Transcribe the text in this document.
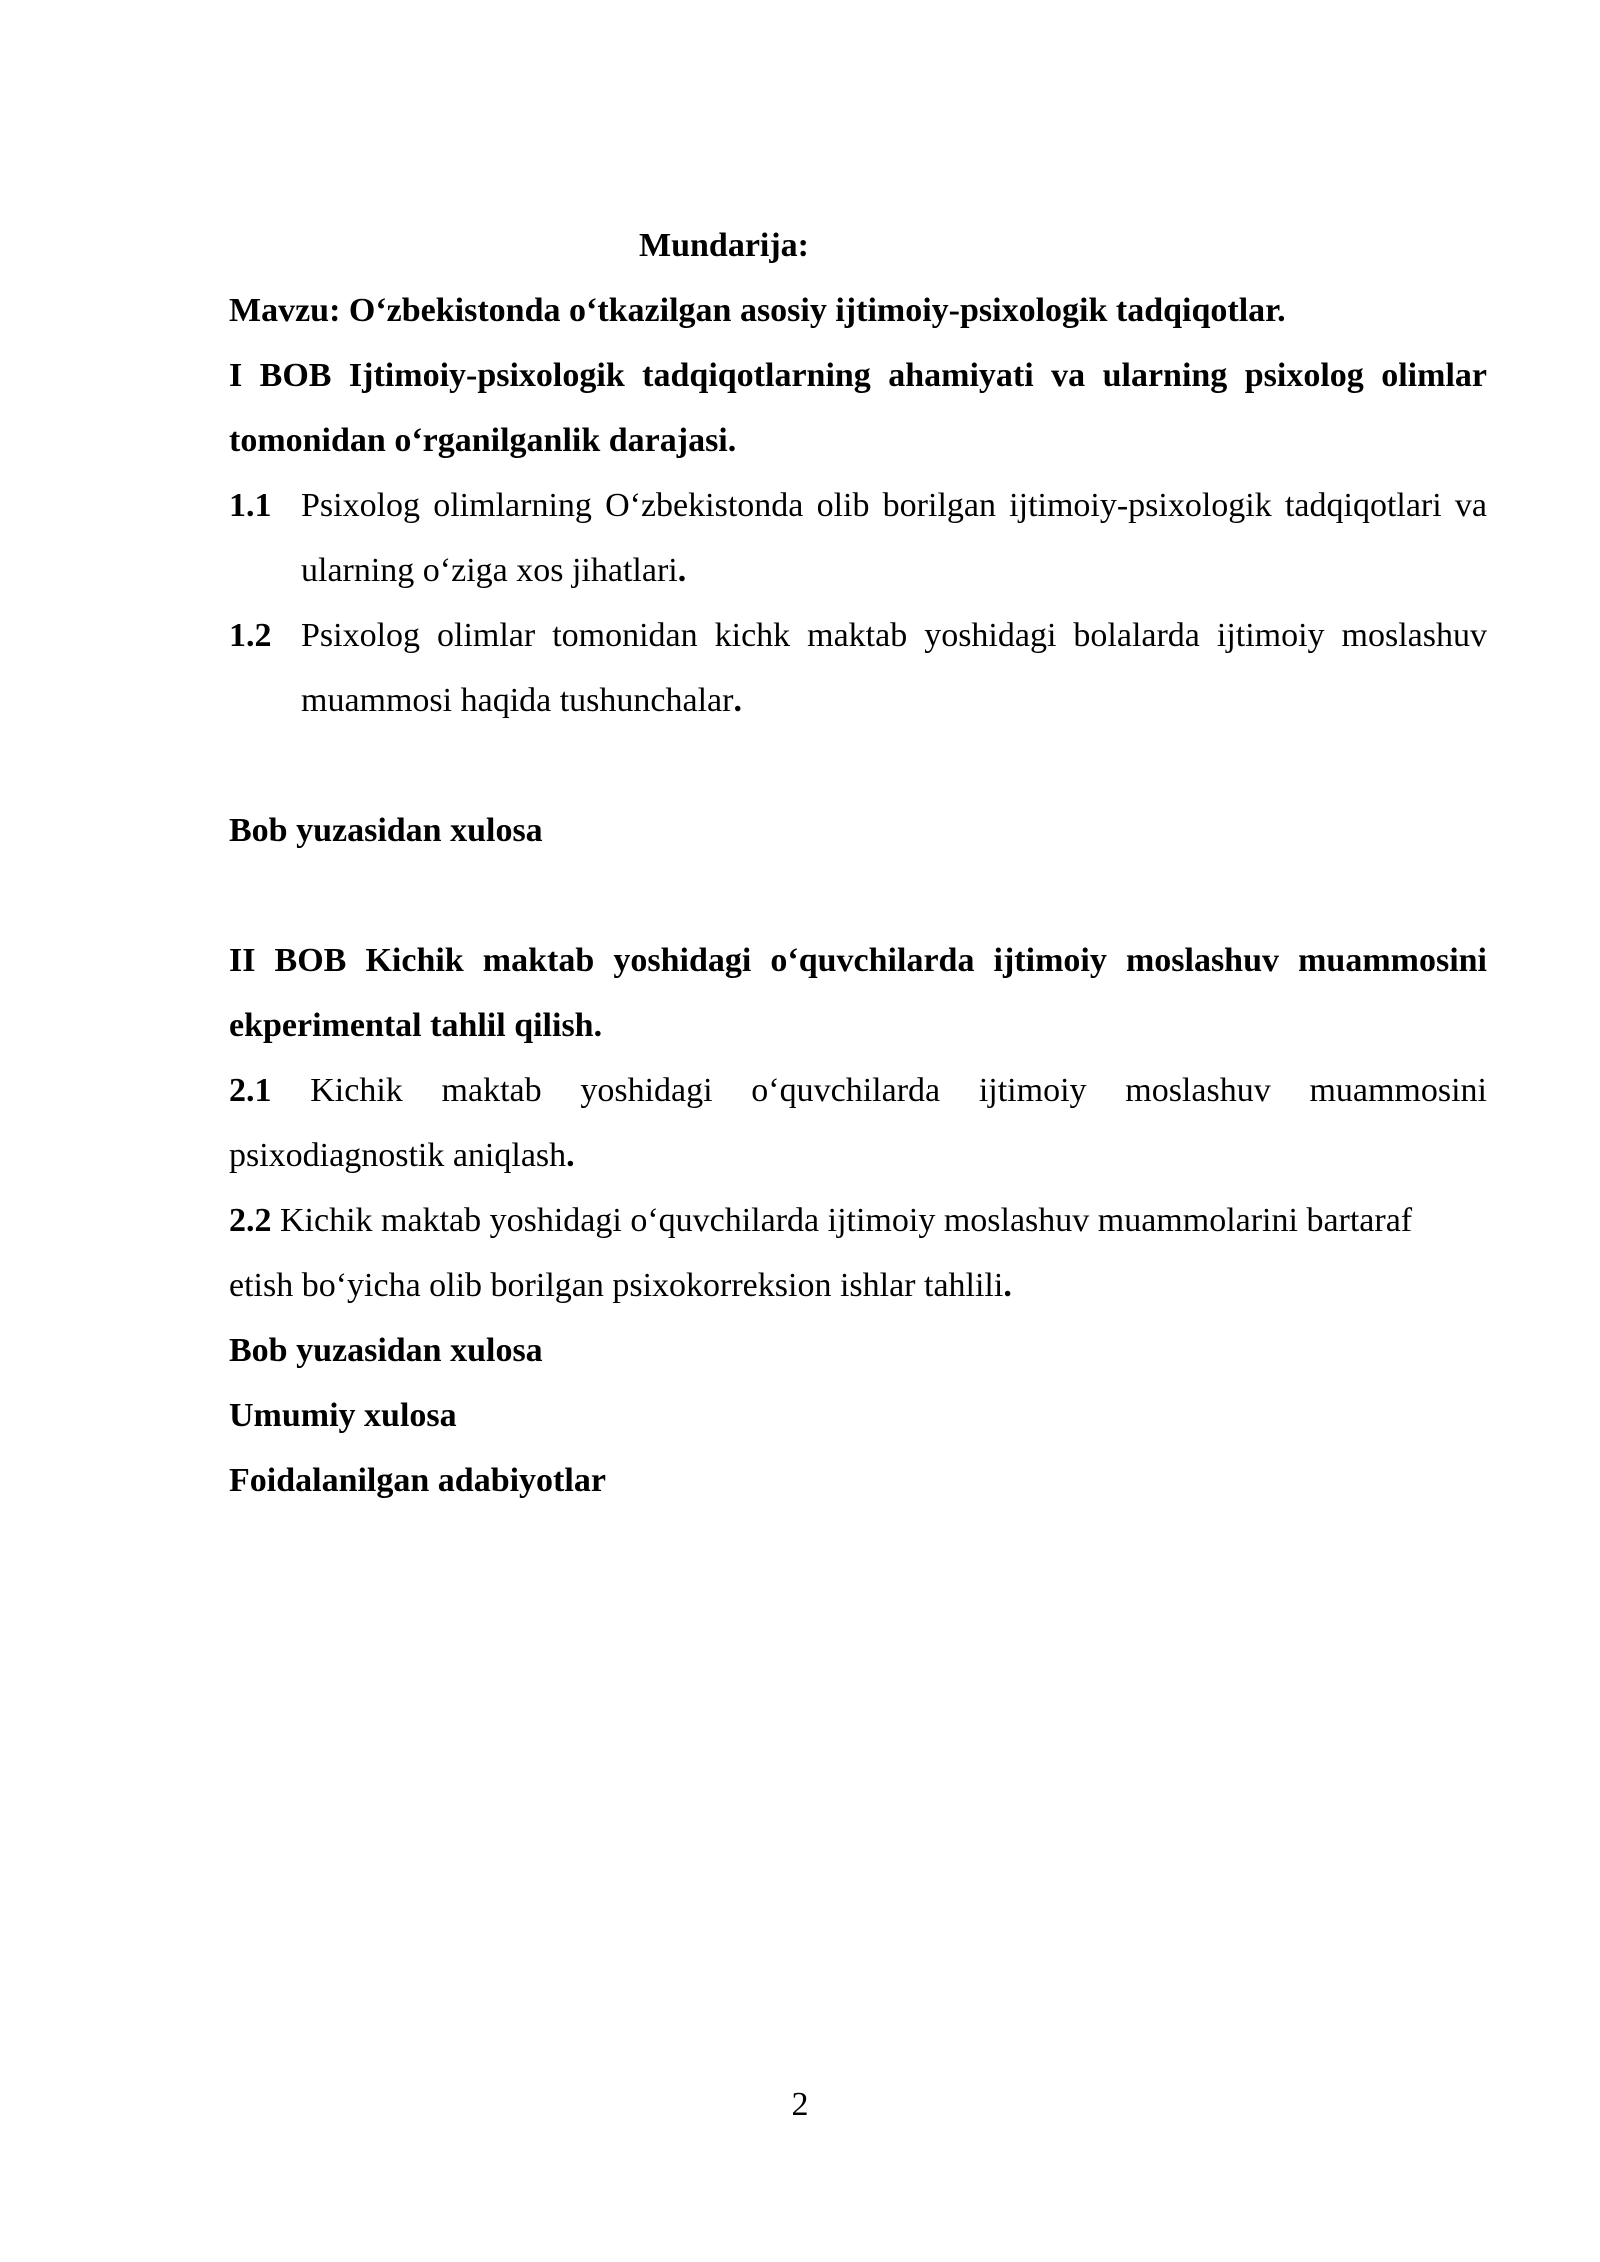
Mundarija:
Mavzu: O‘zbekistonda o‘tkazilgan asosiy ijtimoiy-psixologik tadqiqotlar.
I BOB Ijtimoiy-psixologik tadqiqotlarning ahamiyati va ularning psixolog olimlar tomonidan o‘rganilganlik darajasi.
1.1 Psixolog olimlarning O‘zbekistonda olib borilgan ijtimoiy-psixologik tadqiqotlari va ularning o‘ziga xos jihatlari.
1.2 Psixolog olimlar tomonidan kichk maktab yoshidagi bolalarda ijtimoiy moslashuv muammosi haqida tushunchalar.
Bob yuzasidan xulosa
II BOB Kichik maktab yoshidagi o‘quvchilarda ijtimoiy moslashuv muammosini ekperimental tahlil qilish.
2.1 Kichik maktab yoshidagi o‘quvchilarda ijtimoiy moslashuv muammosini psixodiagnostik aniqlash.
2.2 Kichik maktab yoshidagi o‘quvchilarda ijtimoiy moslashuv muammolarini bartaraf etish bo‘yicha olib borilgan psixokorreksion ishlar tahlili.
Bob yuzasidan xulosa
Umumiy xulosa
Foidalanilgan adabiyotlar
2
